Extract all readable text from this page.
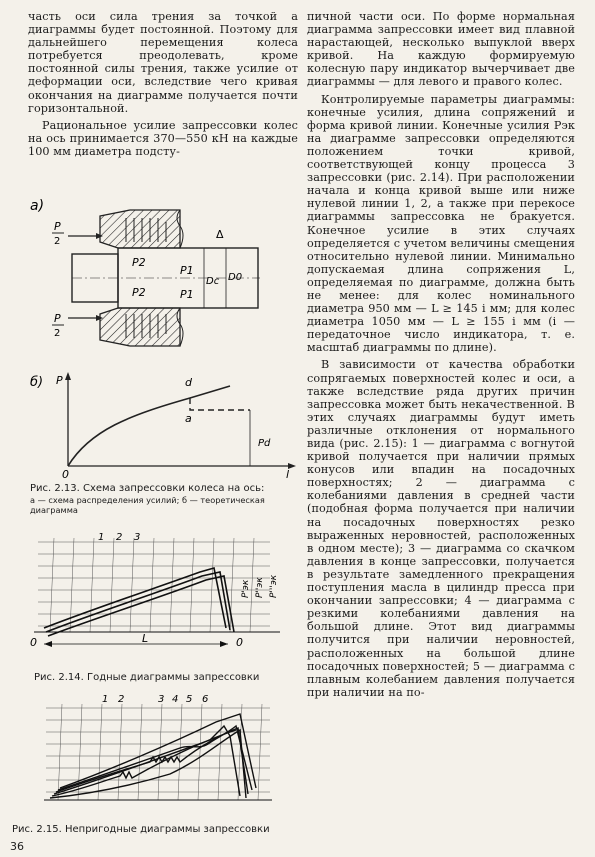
часть оси сила трения за точкой a диаграммы будет постоянной. Поэтому для дальнейшего перемещения колеса потребуется преодолевать, кроме постоянной силы трения, также усилие от деформации оси, вследствие чего кривая окончания на диаграмме получается почти горизонтальной.

Рациональное усилие запрессовки колес на ось принимается 370—550 кН на каждые 100 мм диаметра подсту-

а)
P
2
P
2
P2
P2
P1
P1
Δ
Dc D0
б) P
l
0
d
a
Pd
Рис. 2.13. Схема запрессовки колеса на ось:
а — схема распределения усилий; б — теоретическая диаграмма
1 2 3
0	0
L
P'эк P''эк P'''эк
Рис. 2.14. Годные диаграммы запрессовки
1 2	3 4 5 6
Рис. 2.15. Непригодные диаграммы запрессовки

пичной части оси. По форме нормальная диаграмма запрессовки имеет вид плавной нарастающей, несколько выпуклой вверх кривой. На каждую формируемую колесную пару индикатор вычерчивает две диаграммы — для левого и правого колес.

Контролируемые параметры диаграммы: конечные усилия, длина сопряжений и форма кривой линии. Конечные усилия Pэк на диаграмме запрессовки определяются положением точки кривой, соответствующей концу процесса 3 запрессовки (рис. 2.14). При расположении начала и конца кривой выше или ниже нулевой линии 1, 2, а также при перекосе диаграммы запрессовка не бракуется. Конечное усилие в этих случаях определяется с учетом величины смещения относительно нулевой линии. Минимально допускаемая длина сопряжения L, определяемая по диаграмме, должна быть не менее: для колес номинального диаметра 950 мм — L ≥ 145 i мм; для колес диаметра 1050 мм — L ≥ 155 i мм (i — передаточное число индикатора, т. е. масштаб диаграммы по длине).

В зависимости от качества обработки сопрягаемых поверхностей колес и оси, а также вследствие ряда других причин запрессовка может быть некачественной. В этих случаях диаграммы будут иметь различные отклонения от нормального вида (рис. 2.15): 1 — диаграмма с вогнутой кривой получается при наличии прямых конусов или впадин на посадочных поверхностях; 2 — диаграмма с колебаниями давления в средней части (подобная форма получается при наличии на посадочных поверхностях резко выраженных неровностей, расположенных в одном месте); 3 — диаграмма со скачком давления в конце запрессовки, получается в результате замедленного прекращения поступления масла в цилиндр пресса при окончании запрессовки; 4 — диаграмма с резкими колебаниями давления на большой длине. Этот вид диаграммы получится при наличии неровностей, расположенных на большой длине посадочных поверхностей; 5 — диаграмма с плавным колебанием давления получается при наличии на по-

36
